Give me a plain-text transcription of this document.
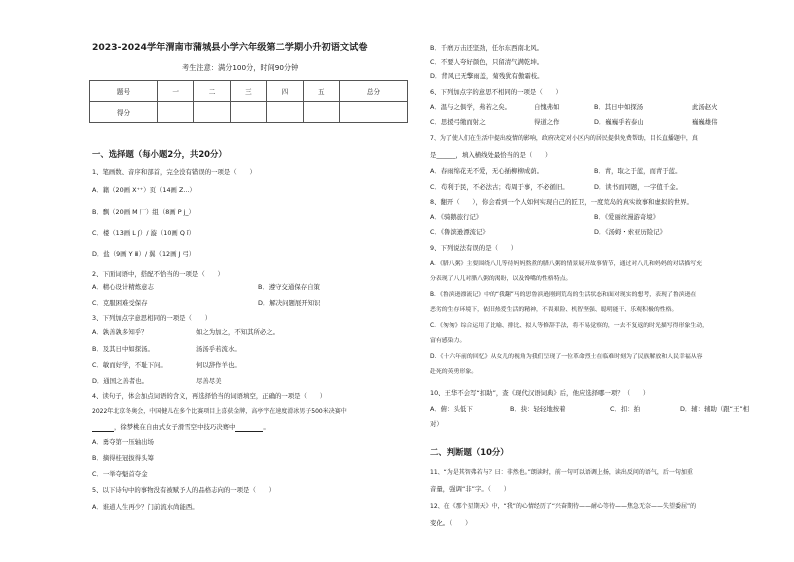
2023-2024学年渭南市蒲城县小学六年级第二学期小升初语文试卷
考生注意：满分100分，时间90分钟
题号	一	二	三	四	五	总分
得分						
一、选择题（每小题2分，共20分）
1、笔画数、音序和部首，完全没有错误的一项是（　　）
A．籍（20画 X⁺⁺）页（14画 Z...）
B．飘（20画 M 厂）组（8画 P j_）
C．楼（13画 L ʃ）/ 漩（10画 Q ǐ）
D．盐（9画 Y ⅲ）/ 翼（12画 J 弓）
2、下面词语中，搭配不恰当的一项是（　　）
A．精心设计精炼意志	B．遵守交通保存自策
C．克服困难受保存	D．解决问题展开知识
3、下列加点字意思相同的一项是（　　）
A．孰善孰多知乎？	如之为加之，不知其所必之。
B．及其日中如探汤。	汤汤乎若流水。
C．敏而好学，不耻下问。	何以辞作羊也。
D．通国之善者也。	尽善尽美
4、读句子，体会加点词语的含义，再选择恰当的词语填空，正确的一项是（　　）
2022年北京冬奥会，中国健儿在多个比赛项目上喜获金牌，高亭宇在速度滑冰男子500米决赛中
，徐梦桃在自由式女子滑雪空中技巧决赛中	。
A．勇夺第一压轴出场
B．摘得桂冠拔得头筹
C．一举夺魁首夺金
5、以下诗句中的事物没有被赋予人的品格志向的一项是（　　）
A．谁道人生再少？门前流水尚能西。
B．千磨万击还坚劲，任尔东西南北风。
C．不要人夸好颜色，只留清气满乾坤。
D．背风已无擎雨盖，菊残犹有傲霜枝。
6、下列加点字的意思不相同的一项是（　　）
A．温与之俱学，弗若之矣。	自愧弗如	B．其日中如探汤	此汤赵火
C．思援弓缴而射之	得道之作	D．巍巍乎若泰山	巍巍雄伟
7、为了使人们在生活中提出疫情的影响，政府决定对小区内的居民提供免费帮助，目长直播题中，真
是______，填入横线处最恰当的是（　　）
A．春雨绵花无不爱，无心插柳柳成荫。	B．青，取之于蓝，而青于蓝。
C．苟利于民，不必法古；苟周于事，不必循旧。	D．读书而同题，一字值千金。
8、翻开（　　），你会看到一个人如何实现自己的匠卫，一度荒岛的真实故事和虚拟的世界。
A．《骑鹅旅行记》	B．《爱丽丝漫游奇境》
C．《鲁滨逊漂流记》	D．《汤姆・索亚历险记》
9、下列说法有误的是（　　）
A．《腊八粥》主要围绕八儿等待妈妈熬煮的腊八粥的情景展开故事情节，通过对八儿和妈妈的对话描写充
分表现了八儿对腊八粥的渴盼，以及馋嘴的性格特点。
B．《鲁滨逊漂流记》中的“我翻”马的思鲁滨逊刚到荒岛的生活状态和面对现实的想考，表现了鲁滨逊在
恶劣的生存环境下，依旧热爱生活的精神，不畏艰险、机智坚强、聪明能干、乐观积极的性格。
C．《匆匆》综合运用了比喻、排比、拟人等修辞手法，将不易觉察的，一去不复返的时光描写得形象生动，
富有感染力。
D．《十六年前的回忆》从女儿的视角为我们呈现了一位革命烈士在临难时刻为了民族解放和人民幸福从容
赴死的英勇形象。
10、王华不会写“扣助”，查《现代汉语词典》后，他应选择哪一项？（　　）
A．俯：头低下	B．抉：轻轻地按着	C．扣：拍	D．辅：辅助（跟“王”相
对）
二、判断题（10分）
11、“为是其智弗若与？曰：非然也。”朗读时，前一句可以语调上扬，读出反问的语气，后一句加重
音量，强调“非”字。（　　）
12、在《那个星期天》中，“我”的心情经历了“兴奋期待——耐心等待——焦急无奈——失望委屈”的
变化。（　　）
